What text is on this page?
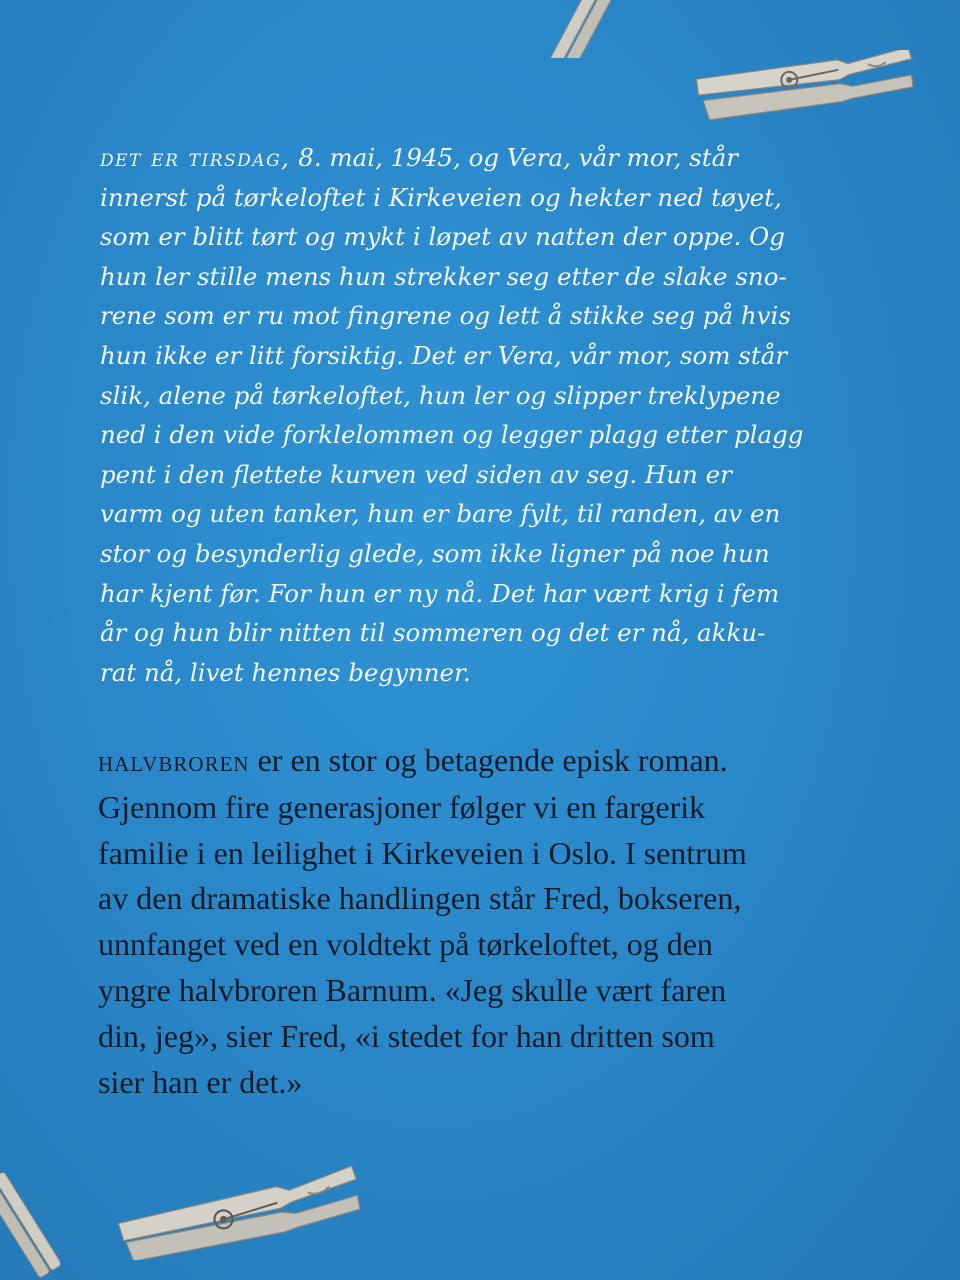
det er tirsdag, 8. mai, 1945, og Vera, vår mor, står
innerst på tørkeloftet i Kirkeveien og hekter ned tøyet,
som er blitt tørt og mykt i løpet av natten der oppe. Og
hun ler stille mens hun strekker seg etter de slake sno-
rene som er ru mot fingrene og lett å stikke seg på hvis
hun ikke er litt forsiktig. Det er Vera, vår mor, som står
slik, alene på tørkeloftet, hun ler og slipper treklypene
ned i den vide forklelommen og legger plagg etter plagg
pent i den flettete kurven ved siden av seg. Hun er
varm og uten tanker, hun er bare fylt, til randen, av en
stor og besynderlig glede, som ikke ligner på noe hun
har kjent før. For hun er ny nå. Det har vært krig i fem
år og hun blir nitten til sommeren og det er nå, akku-
rat nå, livet hennes begynner.
halvbroren er en stor og betagende episk roman.
Gjennom fire generasjoner følger vi en fargerik
familie i en leilighet i Kirkeveien i Oslo. I sentrum
av den dramatiske handlingen står Fred, bokseren,
unnfanget ved en voldtekt på tørkeloftet, og den
yngre halvbroren Barnum. «Jeg skulle vært faren
din, jeg», sier Fred, «i stedet for han dritten som
sier han er det.»
